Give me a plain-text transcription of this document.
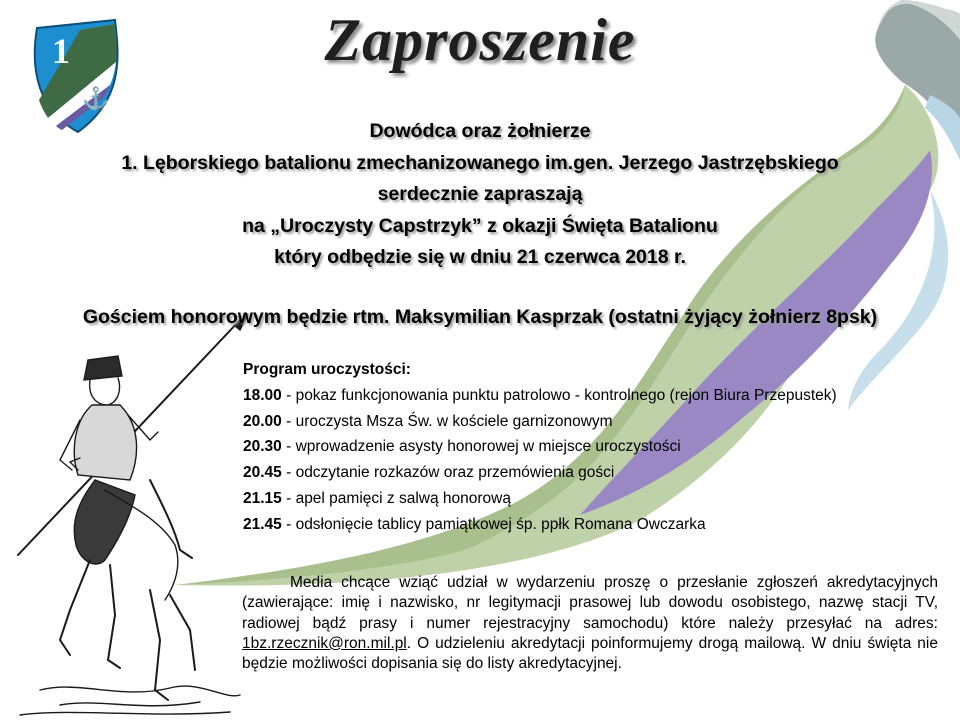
1
⚓
Zaproszenie
Dowódca oraz żołnierze
1. Lęborskiego batalionu zmechanizowanego im.gen. Jerzego Jastrzębskiego
serdecznie zapraszają
na „Uroczysty Capstrzyk” z okazji Święta Batalionu
który odbędzie się w dniu 21 czerwca 2018 r.
Gościem honorowym będzie rtm. Maksymilian Kasprzak (ostatni żyjący żołnierz 8psk)
Program uroczystości:
18.00 - pokaz funkcjonowania punktu patrolowo - kontrolnego (rejon Biura Przepustek)
20.00 - uroczysta Msza Św. w kościele garnizonowym
20.30 - wprowadzenie asysty honorowej w miejsce uroczystości
20.45 - odczytanie rozkazów oraz przemówienia gości
21.15 - apel pamięci z salwą honorową
21.45 - odsłonięcie tablicy pamiątkowej śp. ppłk Romana Owczarka
Media chcące wziąć udział w wydarzeniu proszę o przesłanie zgłoszeń akredytacyjnych (zawierające: imię i nazwisko, nr legitymacji prasowej lub dowodu osobistego, nazwę stacji TV, radiowej bądź prasy i numer rejestracyjny samochodu) które należy przesyłać na adres: 1bz.rzecznik@ron.mil.pl. O udzieleniu akredytacji poinformujemy drogą mailową. W dniu święta nie będzie możliwości dopisania się do listy akredytacyjnej.
